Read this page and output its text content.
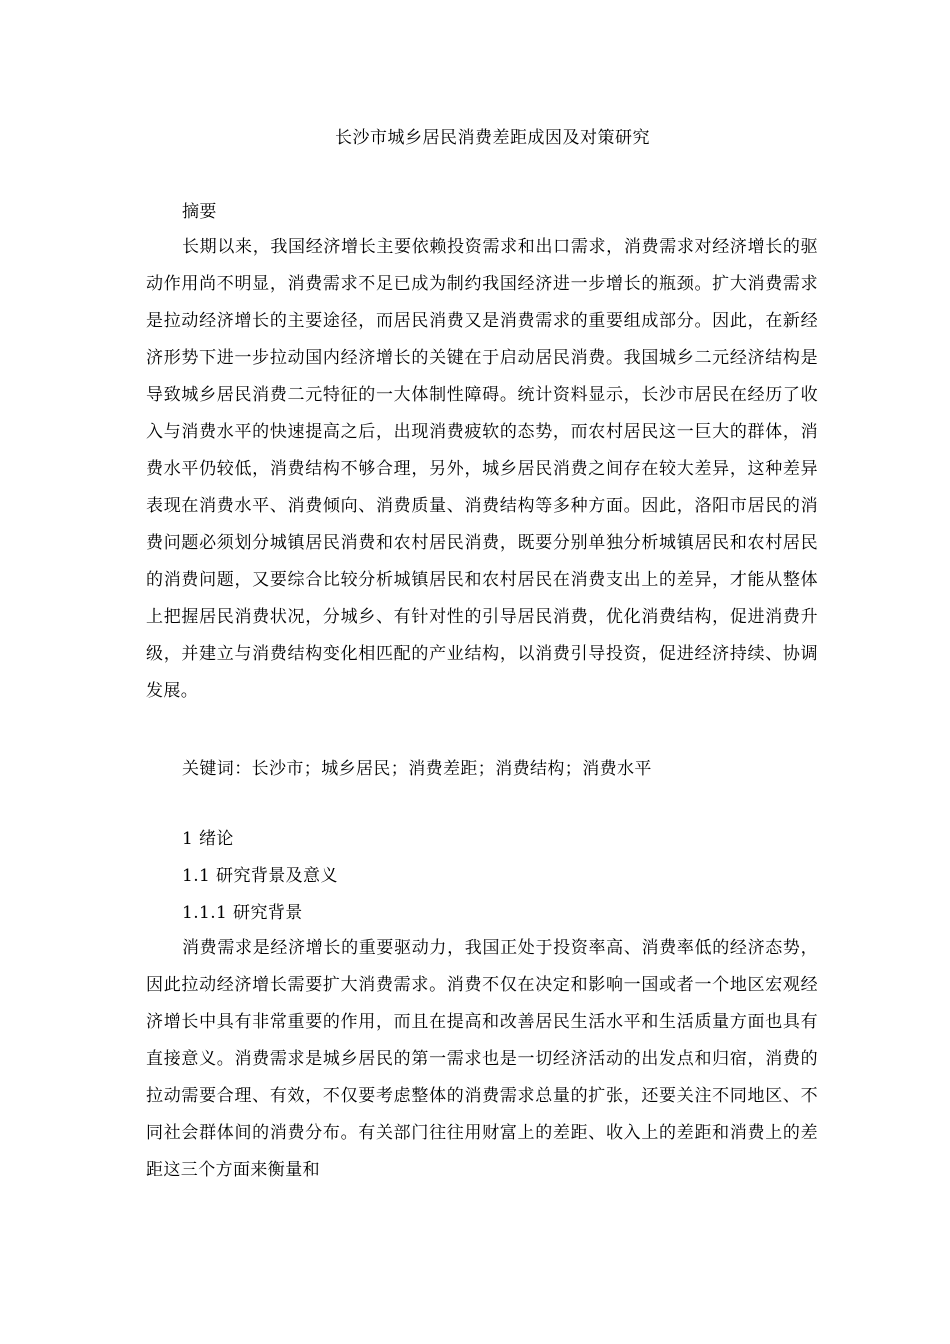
长沙市城乡居民消费差距成因及对策研究
摘要

长期以来，我国经济增长主要依赖投资需求和出口需求，消费需求对经济增长的驱动作用尚不明显，消费需求不足已成为制约我国经济进一步增长的瓶颈。扩大消费需求是拉动经济增长的主要途径，而居民消费又是消费需求的重要组成部分。因此，在新经济形势下进一步拉动国内经济增长的关键在于启动居民消费。我国城乡二元经济结构是导致城乡居民消费二元特征的一大体制性障碍。统计资料显示，长沙市居民在经历了收入与消费水平的快速提高之后，出现消费疲软的态势，而农村居民这一巨大的群体，消费水平仍较低，消费结构不够合理，另外，城乡居民消费之间存在较大差异，这种差异表现在消费水平、消费倾向、消费质量、消费结构等多种方面。因此，洛阳市居民的消费问题必须划分城镇居民消费和农村居民消费，既要分别单独分析城镇居民和农村居民的消费问题，又要综合比较分析城镇居民和农村居民在消费支出上的差异，才能从整体上把握居民消费状况，分城乡、有针对性的引导居民消费，优化消费结构，促进消费升级，并建立与消费结构变化相匹配的产业结构，以消费引导投资，促进经济持续、协调发展。

关键词：长沙市；城乡居民；消费差距；消费结构；消费水平
1 绪论
1.1 研究背景及意义
1.1.1 研究背景

消费需求是经济增长的重要驱动力，我国正处于投资率高、消费率低的经济态势，因此拉动经济增长需要扩大消费需求。消费不仅在决定和影响一国或者一个地区宏观经济增长中具有非常重要的作用，而且在提高和改善居民生活水平和生活质量方面也具有直接意义。消费需求是城乡居民的第一需求也是一切经济活动的出发点和归宿，消费的拉动需要合理、有效，不仅要考虑整体的消费需求总量的扩张，还要关注不同地区、不同社会群体间的消费分布。有关部门往往用财富上的差距、收入上的差距和消费上的差距这三个方面来衡量和
